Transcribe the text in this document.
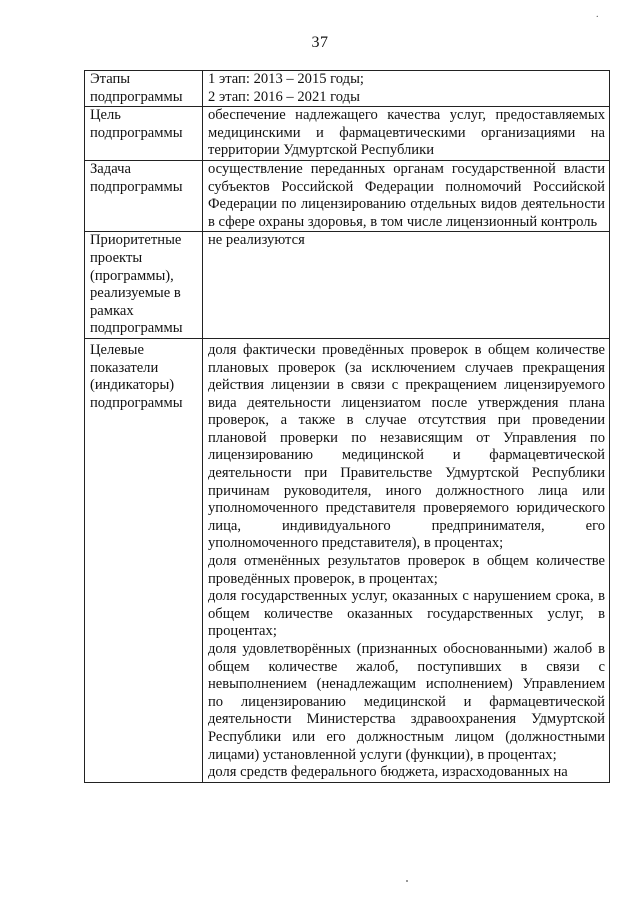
.
37
Этапы подпрограммы	1 этап: 2013 – 2015 годы;
2 этап: 2016 – 2021 годы

Цель подпрограммы	обеспечение надлежащего качества услуг, предоставляемых медицинскими и фармацевтическими организациями на территории Удмуртской Республики
Задача подпрограммы	осуществление переданных органам государственной власти субъектов Российской Федерации полномочий Российской Федерации по лицензированию отдельных видов деятельности в сфере охраны здоровья, в том числе лицензионный контроль
Приоритетные проекты (программы), реализуемые в рамках подпрограммы	не реализуются
Целевые показатели (индикаторы) подпрограммы	доля фактически проведённых проверок в общем количестве плановых проверок (за исключением случаев прекращения действия лицензии в связи с прекращением лицензируемого вида деятельности лицензиатом после утверждения плана проверок, а также в случае отсутствия при проведении плановой проверки по независящим от Управления по лицензированию медицинской и фармацевтической деятельности при Правительстве Удмуртской Республики причинам руководителя, иного должностного лица или уполномоченного представителя проверяемого юридического лица, индивидуального предпринимателя, его уполномоченного представителя), в процентах;
доля отменённых результатов проверок в общем количестве проведённых проверок, в процентах;
доля государственных услуг, оказанных с нарушением срока, в общем количестве оказанных государственных услуг, в процентах;
доля удовлетворённых (признанных обоснованными) жалоб в общем количестве жалоб, поступивших в связи с невыполнением (ненадлежащим исполнением) Управлением по лицензированию медицинской и фармацевтической деятельности Министерства здравоохранения Удмуртской Республики или его должностным лицом (должностными лицами) установленной услуги (функции), в процентах;
доля средств федерального бюджета, израсходованных на
